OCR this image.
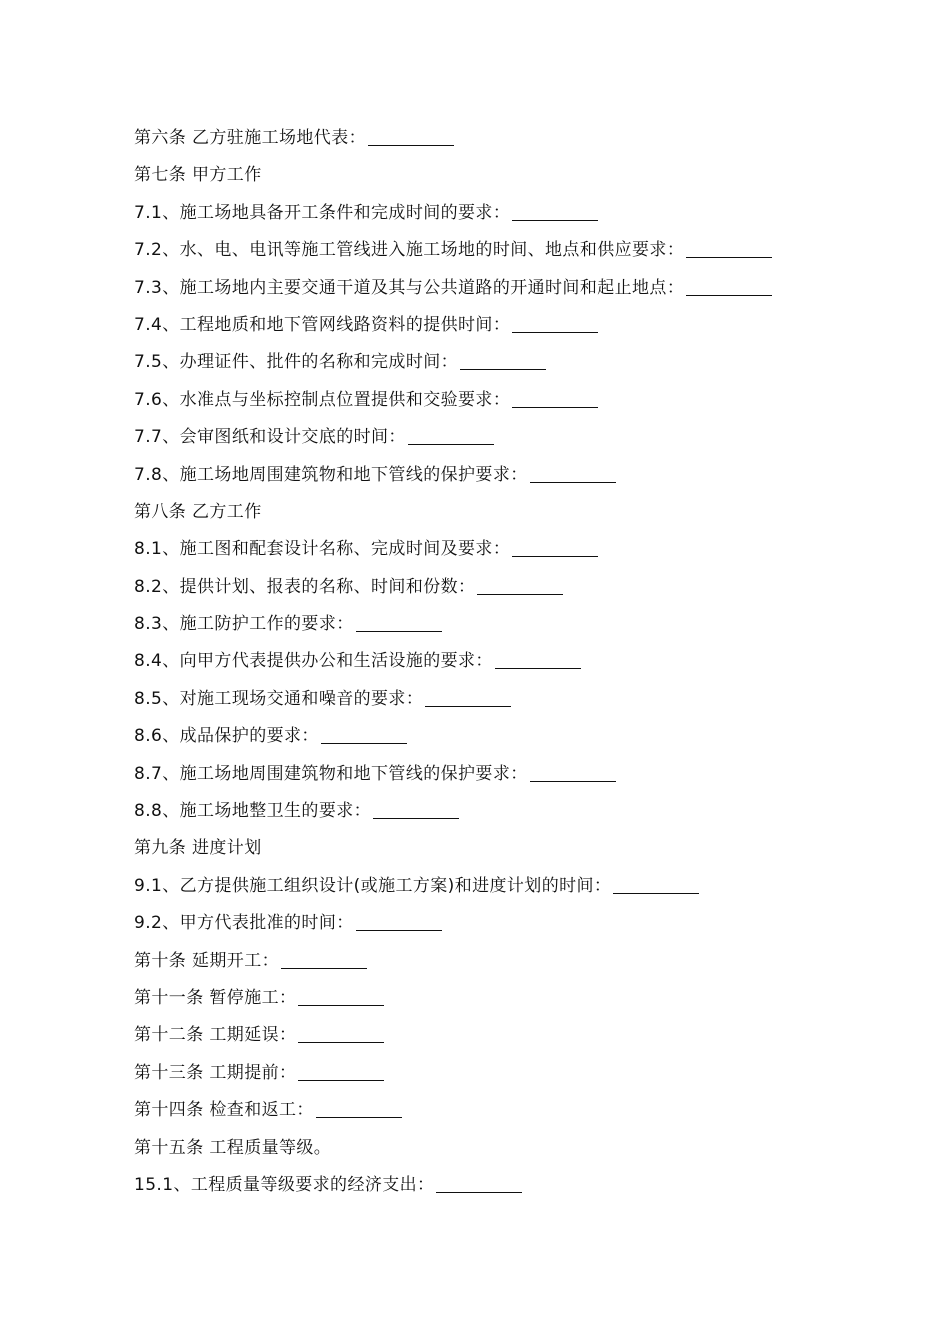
第六条 乙方驻施工场地代表：
第七条 甲方工作
7.1、施工场地具备开工条件和完成时间的要求：
7.2、水、电、电讯等施工管线进入施工场地的时间、地点和供应要求：
7.3、施工场地内主要交通干道及其与公共道路的开通时间和起止地点：
7.4、工程地质和地下管网线路资料的提供时间：
7.5、办理证件、批件的名称和完成时间：
7.6、水准点与坐标控制点位置提供和交验要求：
7.7、会审图纸和设计交底的时间：
7.8、施工场地周围建筑物和地下管线的保护要求：
第八条 乙方工作
8.1、施工图和配套设计名称、完成时间及要求：
8.2、提供计划、报表的名称、时间和份数：
8.3、施工防护工作的要求：
8.4、向甲方代表提供办公和生活设施的要求：
8.5、对施工现场交通和噪音的要求：
8.6、成品保护的要求：
8.7、施工场地周围建筑物和地下管线的保护要求：
8.8、施工场地整卫生的要求：
第九条 进度计划
9.1、乙方提供施工组织设计(或施工方案)和进度计划的时间：
9.2、甲方代表批准的时间：
第十条 延期开工：
第十一条 暂停施工：
第十二条 工期延误：
第十三条 工期提前：
第十四条 检查和返工：
第十五条 工程质量等级。
15.1、工程质量等级要求的经济支出：
